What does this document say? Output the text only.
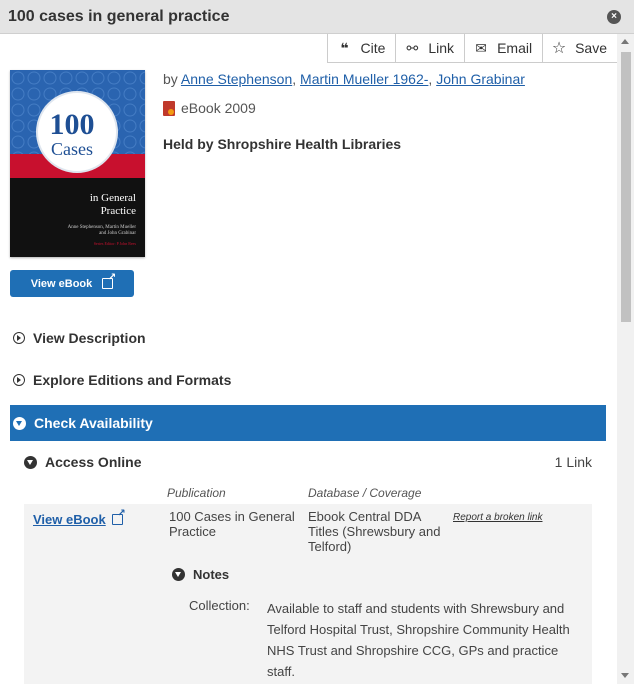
100 cases in general practice	×
❝ Cite ⚯ Link ✉ Email ☆ Save
100
Cases
in General
Practice
Anne Stephenson, Martin Mueller
and John Grabinar
Series Editor: P John Rees
View eBook
↗
by Anne Stephenson, Martin Mueller 1962-, John Grabinar
eBook 2009
Held by Shropshire Health Libraries
View Description
Explore Editions and Formats
Check Availability
Access Online	1 Link
Publication	Database / Coverage
View eBook
↗	100 Cases in General Practice
Ebook Central DDA Titles (Shrewsbury and Telford)
Report a broken link
Notes
Collection: Available to staff and students with Shrewsbury and Telford Hospital Trust, Shropshire Community Health NHS Trust and Shropshire CCG, GPs and practice staff.
